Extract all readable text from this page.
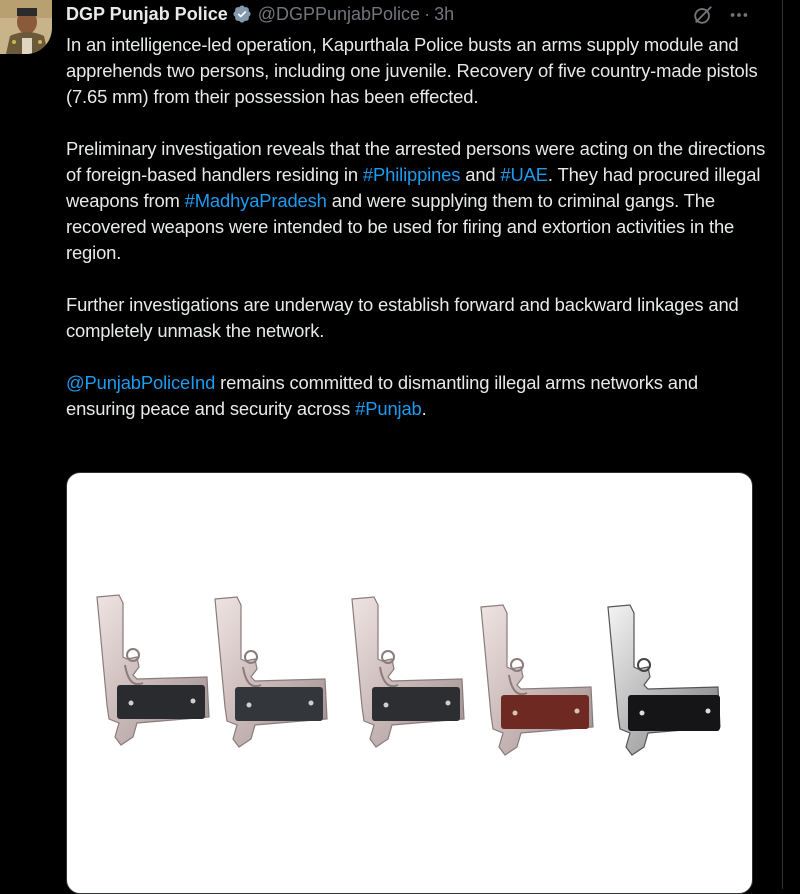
DGP Punjab Police @DGPPunjabPolice · 3h

In an intelligence-led operation, Kapurthala Police busts an arms supply module and apprehends two persons, including one juvenile. Recovery of five country-made pistols (7.65 mm) from their possession has been effected.

Preliminary investigation reveals that the arrested persons were acting on the directions of foreign-based handlers residing in #Philippines and #UAE. They had procured illegal weapons from #MadhyaPradesh and were supplying them to criminal gangs. The recovered weapons were intended to be used for firing and extortion activities in the region.

Further investigations are underway to establish forward and backward linkages and completely unmask the network.

@PunjabPoliceInd remains committed to dismantling illegal arms networks and ensuring peace and security across #Punjab.
